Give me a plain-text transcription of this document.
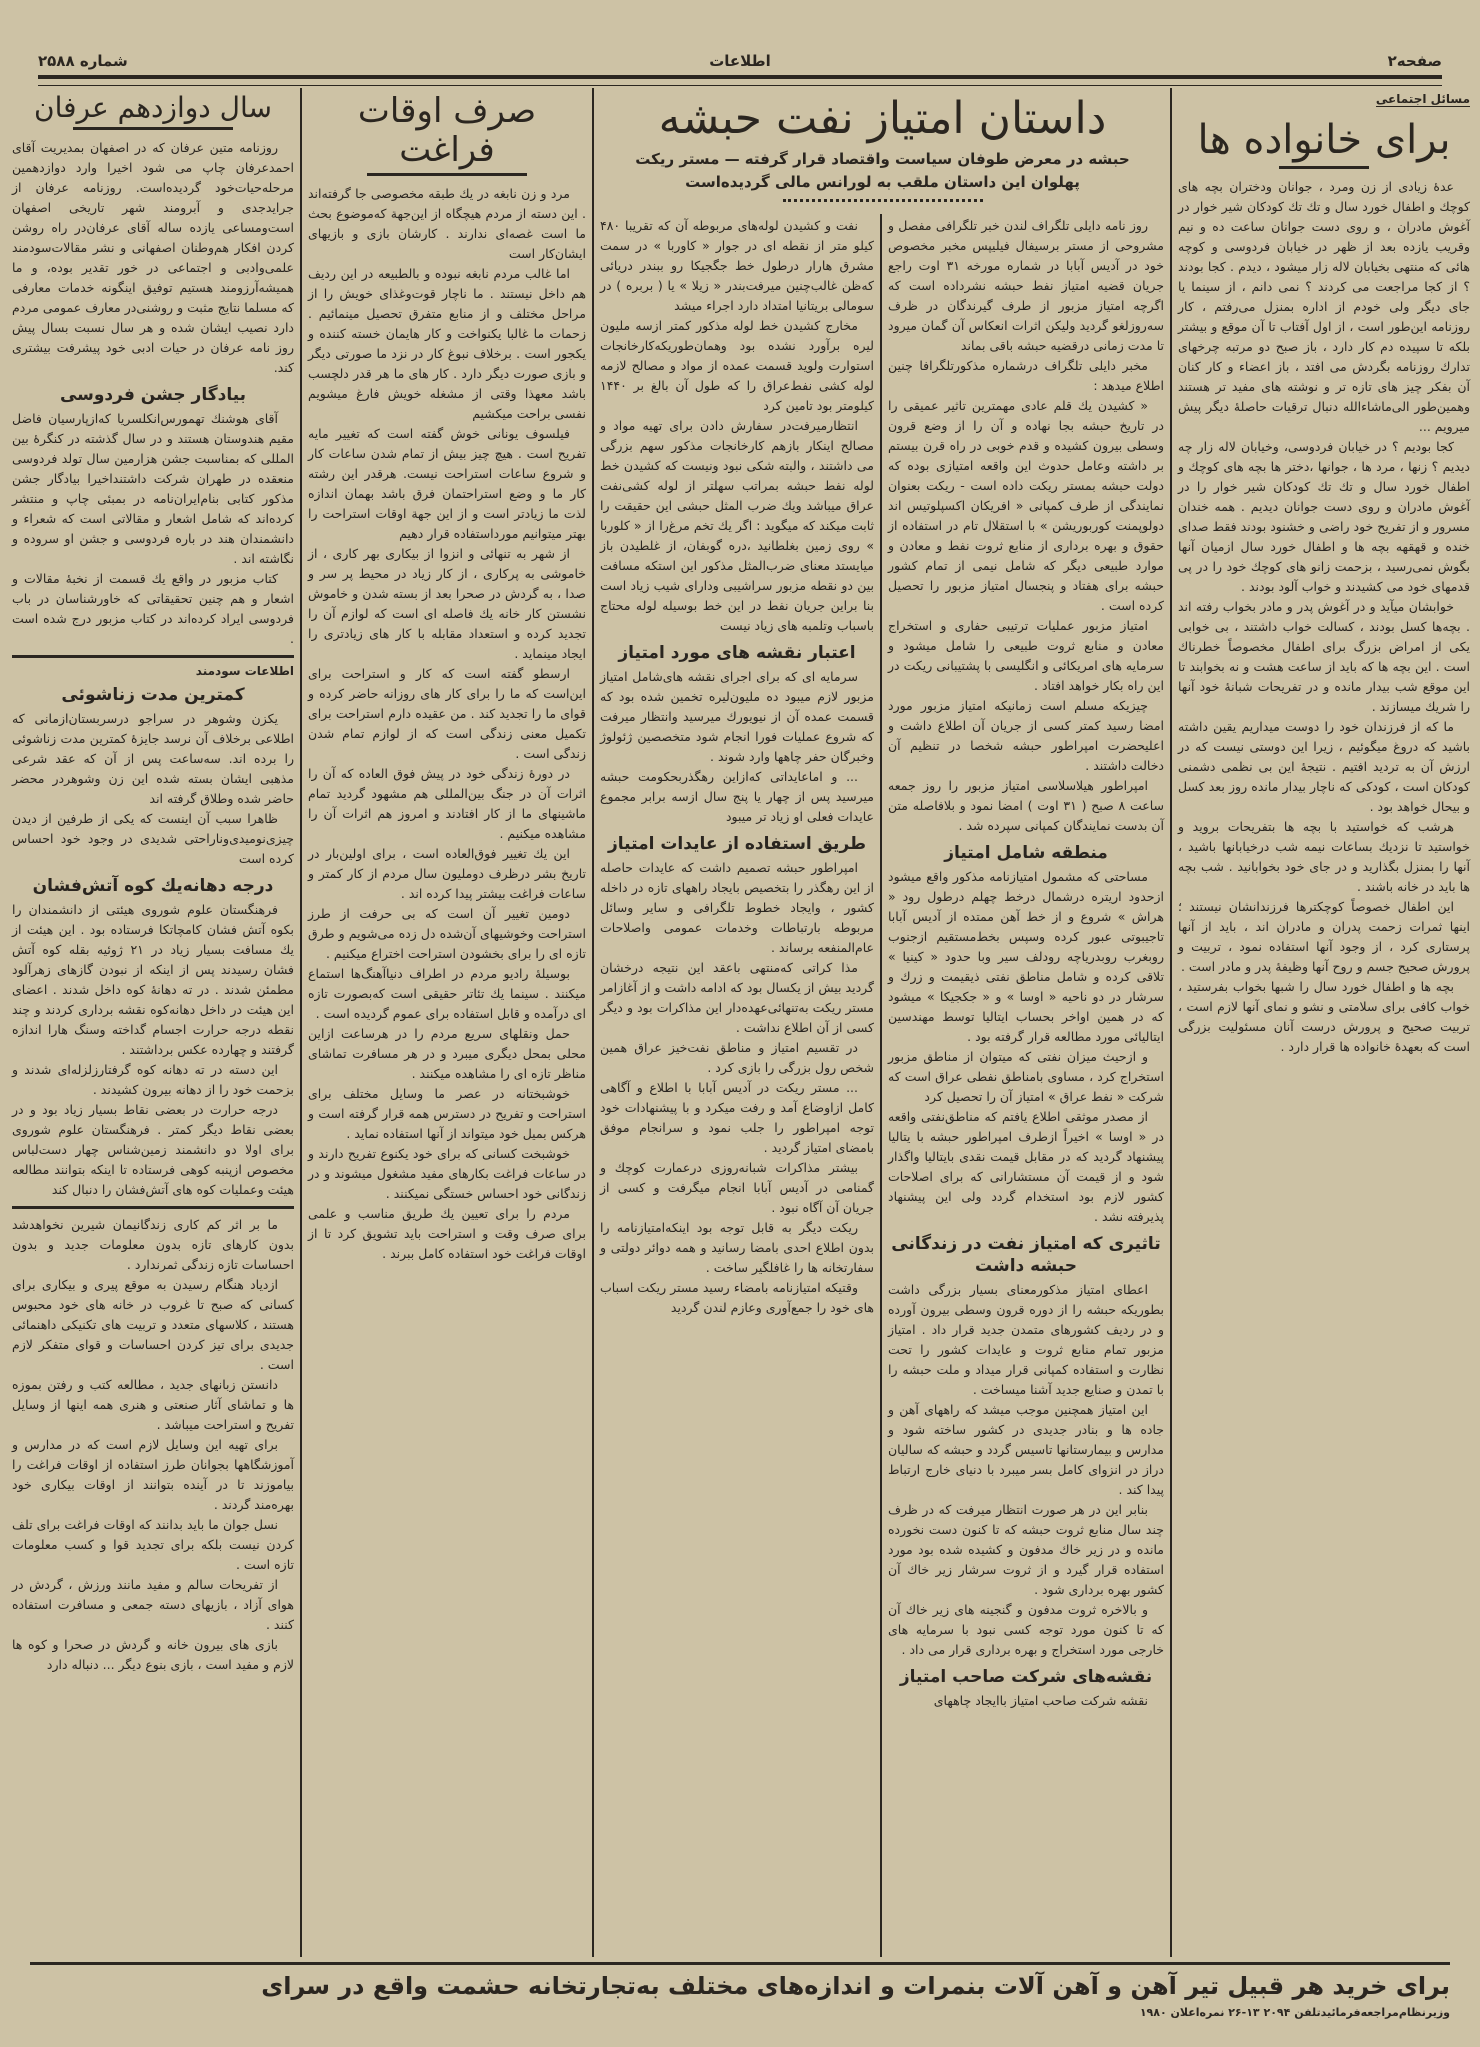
صفحه۲
اطلاعات
شماره ۲۵۸۸
مسائل اجتماعی
برای خانواده ها

عدهٔ زیادی از زن ومرد ، جوانان ودختران بچه های کوچك و اطفال خورد سال و تك تك کودکان شیر خوار در آغوش مادران ، و روی دست جوانان ساعت ده و نیم وقریب یازده بعد از ظهر در خیابان فردوسی و کوچه هائی که منتهی بخیابان لاله زار میشود ، دیدم . کجا بودند ؟ از کجا مراجعت می کردند ؟ نمی دانم ، از سینما یا جای دیگر ولی خودم از اداره بمنزل می‌رفتم ، کار روزنامه این‌طور است ، از اول آفتاب تا آن موقع و بیشتر بلکه تا سپیده دم کار دارد ، باز صبح دو مرتبه چرخهای تدارك روزنامه بگردش می افتد ، باز اعضاء و کار کنان آن بفکر چیز های تازه تر و نوشته های مفید تر هستند وهمین‌طور الی‌ماشاءالله دنبال ترقیات حاصلهٔ دیگر پیش میرویم ...

کجا بودیم ؟ در خیابان فردوسی، وخیابان لاله زار چه دیدیم ؟ زنها ، مرد ها ، جوانها ،دختر ها بچه های کوچك و اطفال خورد سال و تك تك کودکان شیر خوار را در آغوش مادران و روی دست جوانان دیدیم . همه خندان مسرور و از تفریح خود راضی و خشنود بودند فقط صدای خنده و قهقهه بچه ها و اطفال خورد سال ازمیان آنها بگوش نمی‌رسید ، بزحمت زانو های کوچك خود را در پی قدمهای خود می کشیدند و خواب آلود بودند .

خوابشان میآید و در آغوش پدر و مادر بخواب رفته اند . بچه‌ها کسل بودند ، کسالت خواب داشتند ، بی خوابی یکی از امراض بزرگ برای اطفال مخصوصاً خطرناك است . این بچه ها که باید از ساعت هشت و نه بخوابند تا این موقع شب بیدار مانده و در تفریحات شبانهٔ خود آنها را شریك میسازند .

ما که از فرزندان خود را دوست میداریم یقین داشته باشید که دروغ میگوئیم ، زیرا این دوستی نیست که در ارزش آن به تردید افتیم . نتیجهٔ این بی نظمی دشمنی کودکان است ، کودکی که ناچار بیدار مانده روز بعد کسل و بیحال خواهد بود .

هرشب که خواستید با بچه ها بتفریحات بروید و خواستید تا نزدیك بساعات نیمه شب درخیابانها باشید ، آنها را بمنزل بگذارید و در جای خود بخوابانید . شب بچه ها باید در خانه باشند .

این اطفال خصوصاً کوچکترها فرزندانشان نیستند ؛ اینها ثمرات زحمت پدران و مادران اند ، باید از آنها پرستاری کرد ، از وجود آنها استفاده نمود ، تربیت و پرورش صحیح جسم و روح آنها وظیفهٔ پدر و مادر است .

بچه ها و اطفال خورد سال را شبها بخواب بفرستید ، خواب کافی برای سلامتی و نشو و نمای آنها لازم است ، تربیت صحیح و پرورش درست آنان مسئولیت بزرگی است که بعهدهٔ خانواده ها قرار دارد .

داستان امتیاز نفت حبشه
حبشه در معرض طوفان سیاست واقتصاد قرار گرفته — مستر ریکت پهلوان این داستان ملقب به لورانس مالی گردیده‌است

روز نامه دایلی تلگراف لندن خبر تلگرافی مفصل و مشروحی از مستر برسیفال فیلیپس مخبر مخصوص خود در آدیس آبابا در شماره مورخه ۳۱ اوت راجع جریان قضیه امتیاز نفط حبشه نشرداده است که اگرچه امتیاز مزبور از طرف گیرندگان در ظرف سه‌روزلغو گردید ولیکن اثرات انعکاس آن گمان میرود تا مدت زمانی درقضیه حبشه باقی بماند

مخبر دایلی تلگراف درشماره مذکورتلگرافا چنین اطلاع میدهد :

« کشیدن یك قلم عادی مهمترین تاثیر عمیقی را در تاریخ حبشه بجا نهاده و آن را از وضع قرون وسطی بیرون کشیده و قدم خوبی در راه قرن بیستم بر داشته وعامل حدوث این واقعه امتیازی بوده که دولت حبشه بمستر ریکت داده است - ریکت بعنوان نمایندگی از طرف کمپانی « افریکان اکسپلوتیس اند دولوپمنت کوربوریشن » با استقلال تام در استفاده از حقوق و بهره برداری از منابع ثروت نفط و معادن و موارد طبیعی دیگر که شامل نیمی از تمام کشور حبشه برای هفتاد و پنجسال امتیاز مزبور را تحصیل کرده است .

امتیاز مزبور عملیات ترتیبی حفاری و استخراج معادن و منابع ثروت طبیعی را شامل میشود و سرمایه های امریکائی و انگلیسی با پشتیبانی ریکت در این راه بکار خواهد افتاد .

چیزیکه مسلم است زمانیکه امتیاز مزبور مورد امضا رسید کمتر کسی از جریان آن اطلاع داشت و اعلیحضرت امپراطور حبشه شخصا در تنظیم آن دخالت داشتند .

امپراطور هیلاسلاسی امتیاز مزبور را روز جمعه ساعت ۸ صبح ( ۳۱ اوت ) امضا نمود و بلافاصله متن آن بدست نمایندگان کمپانی سپرده شد .

منطقه شامل امتیاز

مساحتی که مشمول امتیازنامه مذکور واقع میشود ازحدود اریتره درشمال درخط چهلم درطول رود « هراش » شروع و از خط آهن ممتده از آدیس آبابا تاجیبوتی عبور کرده وسپس بخط‌مستقیم ازجنوب روبغرب روبدریاچه رودلف سیر وبا حدود « کینیا » تلاقی کرده و شامل مناطق نفتی ذیقیمت و زرك و سرشار در دو ناحیه « اوسا » و « جکجیکا » میشود که در همین اواخر بحساب ایتالیا توسط مهندسین ایتالیائی مورد مطالعه قرار گرفته بود .

و ازحیث میزان نفتی که میتوان از مناطق مزبور استخراج کرد ، مساوی بامناطق نفطی عراق است که شرکت « نفط عراق » امتیاز آن را تحصیل کرد

از مصدر موثقی اطلاع یافتم که مناطق‌نفتی واقعه در « اوسا » اخیراً ازطرف امپراطور حبشه با یتالیا پیشنهاد گردید که در مقابل قیمت نقدی بایتالیا واگذار شود و از قیمت آن مستشارانی که برای اصلاحات کشور لازم بود استخدام گردد ولی این پیشنهاد پذیرفته نشد .

تاثیری که امتیاز نفت در زندگانی حبشه داشت

اعطای امتیاز مذکورمعنای بسیار بزرگی داشت بطوریکه حبشه را از دوره قرون وسطی بیرون آورده و در ردیف کشورهای متمدن جدید قرار داد . امتیاز مزبور تمام منابع ثروت و عایدات کشور را تحت نظارت و استفاده کمپانی قرار میداد و ملت حبشه را با تمدن و صنایع جدید آشنا میساخت .

این امتیاز همچنین موجب میشد که راههای آهن و جاده ها و بنادر جدیدی در کشور ساخته شود و مدارس و بیمارستانها تاسیس گردد و حبشه که سالیان دراز در انزوای کامل بسر میبرد با دنیای خارج ارتباط پیدا کند .

بنابر این در هر صورت انتظار میرفت که در ظرف چند سال منابع ثروت حبشه که تا کنون دست نخورده مانده و در زیر خاك مدفون و کشیده شده بود مورد استفاده قرار گیرد و از ثروت سرشار زیر خاك آن کشور بهره برداری شود .

و بالاخره ثروت مدفون و گنجینه های زیر خاك آن که تا کنون مورد توجه کسی نبود با سرمایه های خارجی مورد استخراج و بهره برداری قرار می داد .

نقشه‌های شرکت صاحب امتیاز

نقشه شرکت صاحب امتیاز باایجاد چاههای

نفت و کشیدن لوله‌های مربوطه آن که تقریبا ۴۸۰ کیلو متر از نقطه ای در جوار « کاوربا » در سمت مشرق هارار درطول خط جگجیکا رو ببندر دریائی که‌ظن غالب‌چنین میرفت‌بندر « زیلا » یا ( بربره ) در سومالی بریتانیا امتداد دارد اجراء میشد

مخارج کشیدن خط لوله مذکور کمتر ازسه ملیون لیره برآورد نشده بود وهمان‌طوریکه‌کارخانجات استوارت ولوید قسمت عمده از مواد و مصالح لازمه لوله کشی نفط‌عراق را که طول آن بالغ بر ۱۴۴۰ کیلومتر بود تامین کرد

انتظارمیرفت‌در سفارش دادن برای تهیه مواد و مصالح اینکار بازهم کارخانجات مذکور سهم بزرگی می داشتند ، والبته شکی نبود ونیست که کشیدن خط لوله نفط حبشه بمراتب سهلتر از لوله کشی‌نفت عراق میباشد ویك ضرب المثل حبشی این حقیقت را ثابت میکند که میگوید : اگر یك تخم مرغ‌را از « کلوربا » روی زمین بغلطانید ،دره گوبفان، از غلطیدن باز میایستد معنای ضرب‌المثل مذکور این استکه مسافت بین دو نقطه مزبور سراشیبی ودارای شیب زیاد است بنا براین جریان نفط در این خط بوسیله لوله محتاج باسباب وتلمبه های زیاد نیست

اعتبار نقشه های مورد امتیاز

سرمایه ای که برای اجرای نقشه های‌شامل امتیاز مزبور لازم میبود ده ملیون‌لیره تخمین شده بود که قسمت عمده آن از نیویورك میرسید وانتظار میرفت که شروع عملیات فورا انجام شود متخصصین ژئولوژ وخبرگان حفر چاهها وارد شوند .

... و اماعایداتی که‌ازاین رهگذربحکومت حبشه میرسید پس از چهار یا پنج سال ازسه برابر مجموع عایدات فعلی او زیاد تر میبود

طریق استفاده از عایدات امتیاز

امپراطور حبشه تصمیم داشت که عایدات حاصله از این رهگذر را بتخصیص بایجاد راههای تازه در داخله کشور ، وایجاد خطوط تلگرافی و سایر وسائل مربوطه بارتباطات وخدمات عمومی واصلاحات عام‌المنفعه برساند .

مذا کراتی که‌منتهی باعقد این نتیجه درخشان گردید بیش از یکسال بود که ادامه داشت و از آغازامر مستر ریکت به‌تنهائی‌عهده‌دار این مذاکرات بود و دیگر کسی از آن اطلاع نداشت .

در تقسیم امتیاز و مناطق نفت‌خیز عراق همین شخص رول بزرگی را بازی کرد .

... مستر ریکت در آدیس آبابا با اطلاع و آگاهی کامل ازاوضاع آمد و رفت میکرد و با پیشنهادات خود توجه امپراطور را جلب نمود و سرانجام موفق بامضای امتیاز گردید .

بیشتر مذاکرات شبانه‌روزی درعمارت کوچك و گمنامی در آدیس آبابا انجام میگرفت و کسی از جریان آن آگاه نبود .

ریکت دیگر به قابل توجه بود اینکه‌امتیاز‌نامه را بدون اطلاع احدی بامضا رسانید و همه دوائر دولتی و سفارتخانه ها را غافلگیر ساخت .

وقتیکه امتیازنامه بامضاء رسید مستر ریکت اسباب های خود را جمع‌آوری وعازم لندن گردید

صرف اوقات فراغت

مرد و زن نابغه در یك طبقه مخصوصی جا گرفته‌اند . این دسته از مردم هیچگاه از این‌جهة که‌موضوع بحث ما است غصه‌ای ندارند . کارشان بازی و بازیهای ایشان‌کار است

اما غالب مردم نابغه نبوده و بالطبیعه در این ردیف هم داخل نیستند . ما ناچار قوت‌وغذای خویش را از مراحل مختلف و از منابع متفرق تحصیل مینمائیم . زحمات ما غالبا یکنواخت و کار هایمان خسته کننده و یکجور است . برخلاف نبوغ کار در نزد ما صورتی دیگر و بازی صورت دیگر دارد . کار های ما هر قدر دلچسب باشد معهذا وقتی از مشغله خویش فارغ میشویم نفسی براحت میکشیم

فیلسوف یونانی خوش گفته است که تغییر مایه تفریح است . هیچ چیز بیش از تمام شدن ساعات کار و شروع ساعات استراحت نیست. هرقدر این رشته کار ما و وضع استراحتمان فرق باشد بهمان اندازه لذت ما زیادتر است و از این جهة اوقات استراحت را بهتر میتوانیم مورداستفاده قرار دهیم

از شهر به تنهائی و انزوا از بیکاری بهر کاری ، از خاموشی به پرکاری ، از کار زیاد در محیط پر سر و صدا ، به گردش در صحرا بعد از بسته شدن و خاموش نشستن کار خانه یك فاصله ای است که لوازم آن را تجدید کرده و استعداد مقابله با کار های زیادتری را ایجاد مینماید .

ارسطو گفته است که کار و استراحت برای این‌است که ما را برای کار های روزانه حاضر کرده و قوای ما را تجدید کند . من عقیده دارم استراحت برای تکمیل معنی زندگی است که از لوازم تمام شدن زندگی است .

در دورهٔ زندگی خود در پیش فوق العاده که آن را اثرات آن در جنگ بین‌المللی هم مشهود گردید تمام ماشینهای ما از کار افتادند و امروز هم اثرات آن را مشاهده میکنیم .

این یك تغییر فوق‌العاده است ، برای اولین‌بار در تاریخ بشر درظرف دوملیون سال مردم از کار کمتر و ساعات فراغت بیشتر پیدا کرده اند .

دومین تغییر آن است که بی حرفت از طرز استراحت وخوشیهای آن‌شده دل زده می‌شویم و طرق تازه ای را برای بخشودن استراحت اختراع میکنیم .

بوسیلهٔ رادیو مردم در اطراف دنیا‌آهنگ‌ها استماع میکنند . سینما یك تئاتر حقیقی است که‌بصورت تازه ای درآمده و قابل استفاده برای عموم گردیده است .

حمل ونقلهای سریع مردم را در هرساعت ازاین محلی بمحل دیگری میبرد و در هر مسافرت تماشای مناظر تازه ای را مشاهده میکنند .

خوشبختانه در عصر ما وسایل مختلف برای استراحت و تفریح در دسترس همه قرار گرفته است و هرکس بمیل خود میتواند از آنها استفاده نماید .

خوشبخت کسانی که برای خود یکنوع تفریح دارند و در ساعات فراغت بکارهای مفید مشغول میشوند و در زندگانی خود احساس خستگی نمیکنند .

مردم را برای تعیین یك طریق مناسب و علمی برای صرف وقت و استراحت باید تشویق کرد تا از اوقات فراغت خود استفاده کامل ببرند .

سال دوازدهم عرفان

روزنامه متین عرفان که در اصفهان بمدیریت آقای احمدعرفان چاپ می شود اخیرا وارد دوازدهمین مرحله‌حیات‌خود گردیده‌است. روزنامه عرفان از جرایدجدی و آبرومند شهر تاریخی اصفهان است‌ومساعی یازده ساله آقای عرفان‌در راه روشن کردن افکار هم‌وطنان اصفهانی و نشر مقالات‌سودمند علمی‌وادبی و اجتماعی در خور تقدیر بوده، و ما همیشه‌آرزومند هستیم توفیق اینگونه خدمات معارفی که مسلما نتایج مثبت و روشنی‌در معارف عمومی مردم دارد نصیب ایشان شده و هر سال نسبت بسال پیش روز نامه عرفان در حیات ادبی خود پیشرفت بیشتری کند.

بیادگار جشن فردوسی

آقای هوشنك تهمورس‌انکلسریا که‌ازپارسیان فاضل مقیم هندوستان هستند و در سال گذشته در کنگرهٔ بین المللی که بمناسبت جشن هزارمین سال تولد فردوسی منعقده در طهران شرکت داشتنداخیرا بیادگار جشن مذکور کتابی بنام‌ایران‌نامه در بمبئی چاپ و منتشر کرده‌اند که شامل اشعار و مقالاتی است که شعراء و دانشمندان هند در باره فردوسی و جشن او سروده و نگاشته اند .

کتاب مزبور در واقع یك قسمت از نخبهٔ مقالات و اشعار و هم چنین تحقیقاتی که خاورشناسان در باب فردوسی ایراد کرده‌اند در کتاب مزبور درج شده است .

اطلاعات سودمند
کمترین مدت زناشوئی

یکزن وشوهر در سراجو درسربستان‌ازمانی که اطلاعی برخلاف آن نرسد جایزهٔ کمترین مدت زناشوئی را برده اند. سه‌ساعت پس از آن که عقد شرعی مذهبی ایشان بسته شده این زن وشوهردر محضر حاضر شده وطلاق گرفته اند

ظاهرا سبب آن اینست که یکی از طرفین از دیدن چیزی‌نومیدی‌وناراحتی‌ شدیدی در وجود خود احساس کرده است

درجه دهانه‌یك کوه آتش‌فشان

فرهنگستان علوم شوروی هیئتی از دانشمندان را بکوه آتش فشان کامچاتکا فرستاده بود . این هیئت از یك مسافت بسیار زیاد در ۲۱ ژوئیه بقله کوه آتش فشان رسیدند پس از اینکه از نبودن گازهای زهرآلود مطمئن شدند . در ته دهانهٔ کوه داخل شدند . اعضای این هیئت در داخل دهانه‌کوه نقشه برداری کردند و چند نقطه درجه حرارت اجسام گداخته وسنگ هارا اندازه گرفتند و چهارده عکس برداشتند .

این دسته در ته دهانه کوه گرفتارزلزله‌ای شدند و بزحمت خود را از دهانه بیرون کشیدند .

درجه حرارت در بعضی نقاط بسیار زیاد بود و در بعضی نقاط دیگر کمتر . فرهنگستان علوم شوروی برای اولا دو دانشمند زمین‌شناس چهار دست‌لباس مخصوص ازپنبه کوهی فرستاده تا اینکه بتوانند مطالعه هیئت وعملیات کوه های آتش‌فشان را دنبال کند

ما بر اثر کم کاری زندگانیمان شیرین نخواهدشد بدون کارهای تازه بدون معلومات جدید و بدون احساسات تازه زندگی ثمرندارد .

ازدیاد هنگام رسیدن به موقع پیری و بیکاری برای کسانی که صبح تا غروب در خانه های خود محبوس هستند ، کلاسهای متعدد و تربیت های تکنیکی داهنمائی جدیدی برای تیز کردن احساسات و قوای متفکر لازم است .

دانستن زبانهای جدید ، مطالعه کتب و رفتن بموزه ها و تماشای آثار صنعتی و هنری همه اینها از وسایل تفریح و استراحت میباشد .

برای تهیه این وسایل لازم است که در مدارس و آموزشگاهها بجوانان طرز استفاده از اوقات فراغت را بیاموزند تا در آینده بتوانند از اوقات بیکاری خود بهره‌مند گردند .

نسل جوان ما باید بدانند که اوقات فراغت برای تلف کردن نیست بلکه برای تجدید قوا و کسب معلومات تازه است .

از تفریحات سالم و مفید مانند ورزش ، گردش در هوای آزاد ، بازیهای دسته جمعی و مسافرت استفاده کنند .

بازی های بیرون خانه و گردش در صحرا و کوه ها لازم و مفید است ، بازی‌ بنوع دیگر ... دنباله دارد

برای خرید هر قبیل تیر آهن و آهن آلات بنمرات و اندازه‌های مختلف به‌تجارتخانه حشمت واقع در سرای
وزیرنظام‌مراجعه‌فرمائید‌تلفن ۲۰۹۴ ۱۳-۲۶ نمره‌اعلان ۱۹۸۰
